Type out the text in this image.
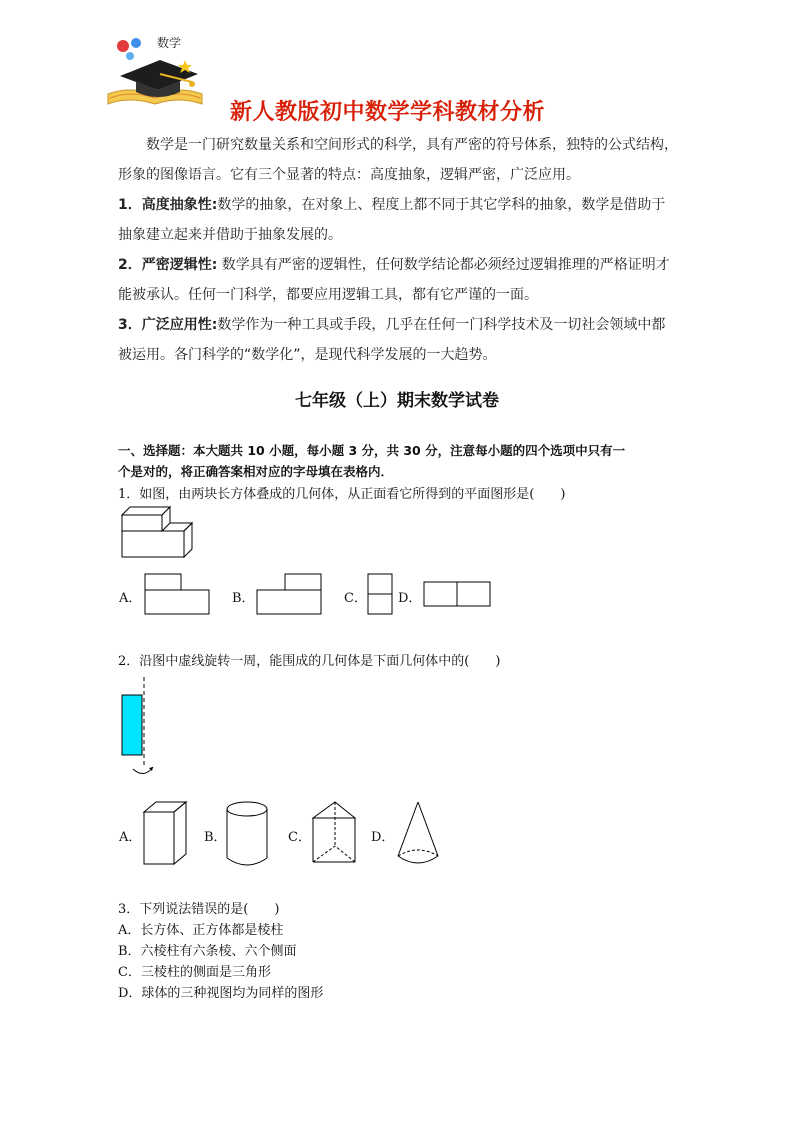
数学
新人教版初中数学学科教材分析
数学是一门研究数量关系和空间形式的科学，具有严密的符号体系，独特的公式结构，
形象的图像语言。它有三个显著的特点：高度抽象，逻辑严密，广泛应用。
1．高度抽象性:数学的抽象，在对象上、程度上都不同于其它学科的抽象，数学是借助于
抽象建立起来并借助于抽象发展的。
2．严密逻辑性: 数学具有严密的逻辑性，任何数学结论都必须经过逻辑推理的严格证明才
能被承认。任何一门科学，都要应用逻辑工具，都有它严谨的一面。
3．广泛应用性:数学作为一种工具或手段，几乎在任何一门科学技术及一切社会领域中都
被运用。各门科学的“数学化”，是现代科学发展的一大趋势。
七年级（上）期末数学试卷
一、选择题：本大题共 10 小题，每小题 3 分，共 30 分，注意每小题的四个选项中只有一
个是对的，将正确答案相对应的字母填在表格内．
1．如图，由两块长方体叠成的几何体，从正面看它所得到的平面图形是(　　)
A．	B．	C． D．
2．沿图中虚线旋转一周，能围成的几何体是下面几何体中的(　　)
A．	B．	C．	D．
3．下列说法错误的是(　　)
A．长方体、正方体都是棱柱
B．六棱柱有六条棱、六个侧面
C．三棱柱的侧面是三角形
D．球体的三种视图均为同样的图形
